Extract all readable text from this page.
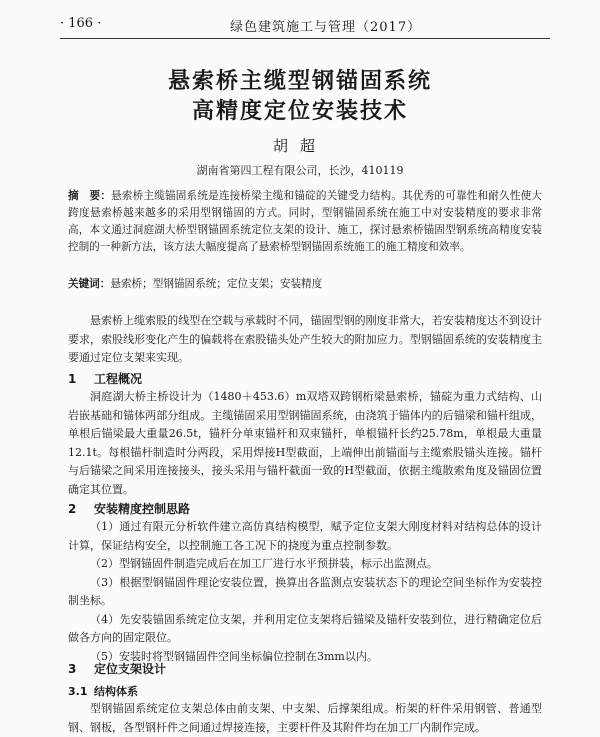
· 166 ·	绿色建筑施工与管理（2017）
悬索桥主缆型钢锚固系统
高精度定位安装技术
胡超
湖南省第四工程有限公司，长沙，410119
摘　要：悬索桥主缆锚固系统是连接桥梁主缆和锚碇的关键受力结构。其优秀的可靠性和耐久性使大跨度悬索桥越来越多的采用型钢锚固的方式。同时，型钢锚固系统在施工中对安装精度的要求非常高，本文通过洞庭湖大桥型钢锚固系统定位支架的设计、施工，探讨悬索桥锚固型钢系统高精度安装控制的一种新方法，该方法大幅度提高了悬索桥型钢锚固系统施工的施工精度和效率。
关键词：悬索桥；型钢锚固系统；定位支架；安装精度
悬索桥上缆索股的线型在空载与承载时不同，锚固型钢的刚度非常大，若安装精度达不到设计要求，索股线形变化产生的偏载将在索股锚头处产生较大的附加应力。型钢锚固系统的安装精度主要通过定位支架来实现。
1 工程概况
洞庭湖大桥主桥设计为（1480＋453.6）m双塔双跨钢桁梁悬索桥，锚碇为重力式结构、山岩嵌基础和锚体两部分组成。主缆锚固采用型钢锚固系统，由浇筑于锚体内的后锚梁和锚杆组成，单根后锚梁最大重量26.5t，锚杆分单束锚杆和双束锚杆，单根锚杆长约25.78m，单根最大重量12.1t。每根锚杆制造时分两段，采用焊接H型截面，上端伸出前锚面与主缆索股锚头连接。锚杆与后锚梁之间采用连接接头，接头采用与锚杆截面一致的H型截面，依据主缆散索角度及锚固位置确定其位置。
2 安装精度控制思路

（1）通过有限元分析软件建立高仿真结构模型，赋予定位支架大刚度材料对结构总体的设计计算，保证结构安全，以控制施工各工况下的挠度为重点控制参数。

（2）型钢锚固件制造完成后在加工厂进行水平预拼装，标示出监测点。

（3）根据型钢锚固件理论安装位置，换算出各监测点安装状态下的理论空间坐标作为安装控制坐标。

（4）先安装锚固系统定位支架，并利用定位支架将后锚梁及锚杆安装到位，进行精确定位后做各方向的固定限位。

（5）安装时将型钢锚固件空间坐标偏位控制在3mm以内。

3 定位支架设计
3.1 结构体系
型钢锚固系统定位支架总体由前支架、中支架、后撑架组成。桁架的杆件采用钢管、普通型钢、钢板，各型钢杆件之间通过焊接连接，主要杆件及其附件均在加工厂内制作完成。
